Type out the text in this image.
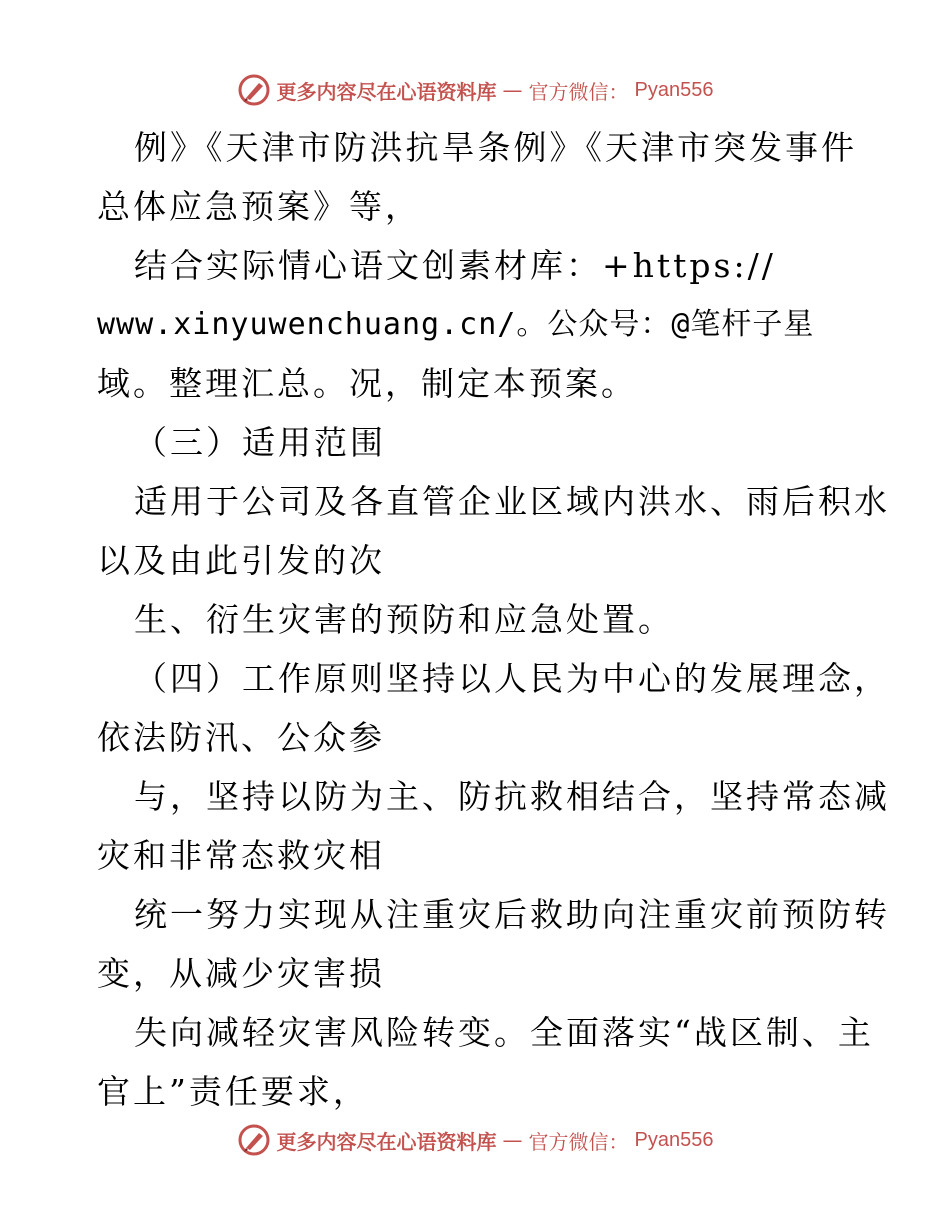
更多内容尽在心语资料库 — 官方微信： Pyan556
例》《天津市防洪抗旱条例》《天津市突发事件
总体应急预案》等，
结合实际情心语文创素材库：+https://
www.xinyuwenchuang.cn/。公众号：@笔杆子星
域。整理汇总。况，制定本预案。
（三）适用范围
适用于公司及各直管企业区域内洪水、雨后积水
以及由此引发的次
生、衍生灾害的预防和应急处置。
（四）工作原则坚持以人民为中心的发展理念，
依法防汛、公众参
与，坚持以防为主、防抗救相结合，坚持常态减
灾和非常态救灾相
统一努力实现从注重灾后救助向注重灾前预防转
变，从减少灾害损
失向减轻灾害风险转变。全面落实“战区制、主
官上”责任要求，
更多内容尽在心语资料库 — 官方微信： Pyan556
